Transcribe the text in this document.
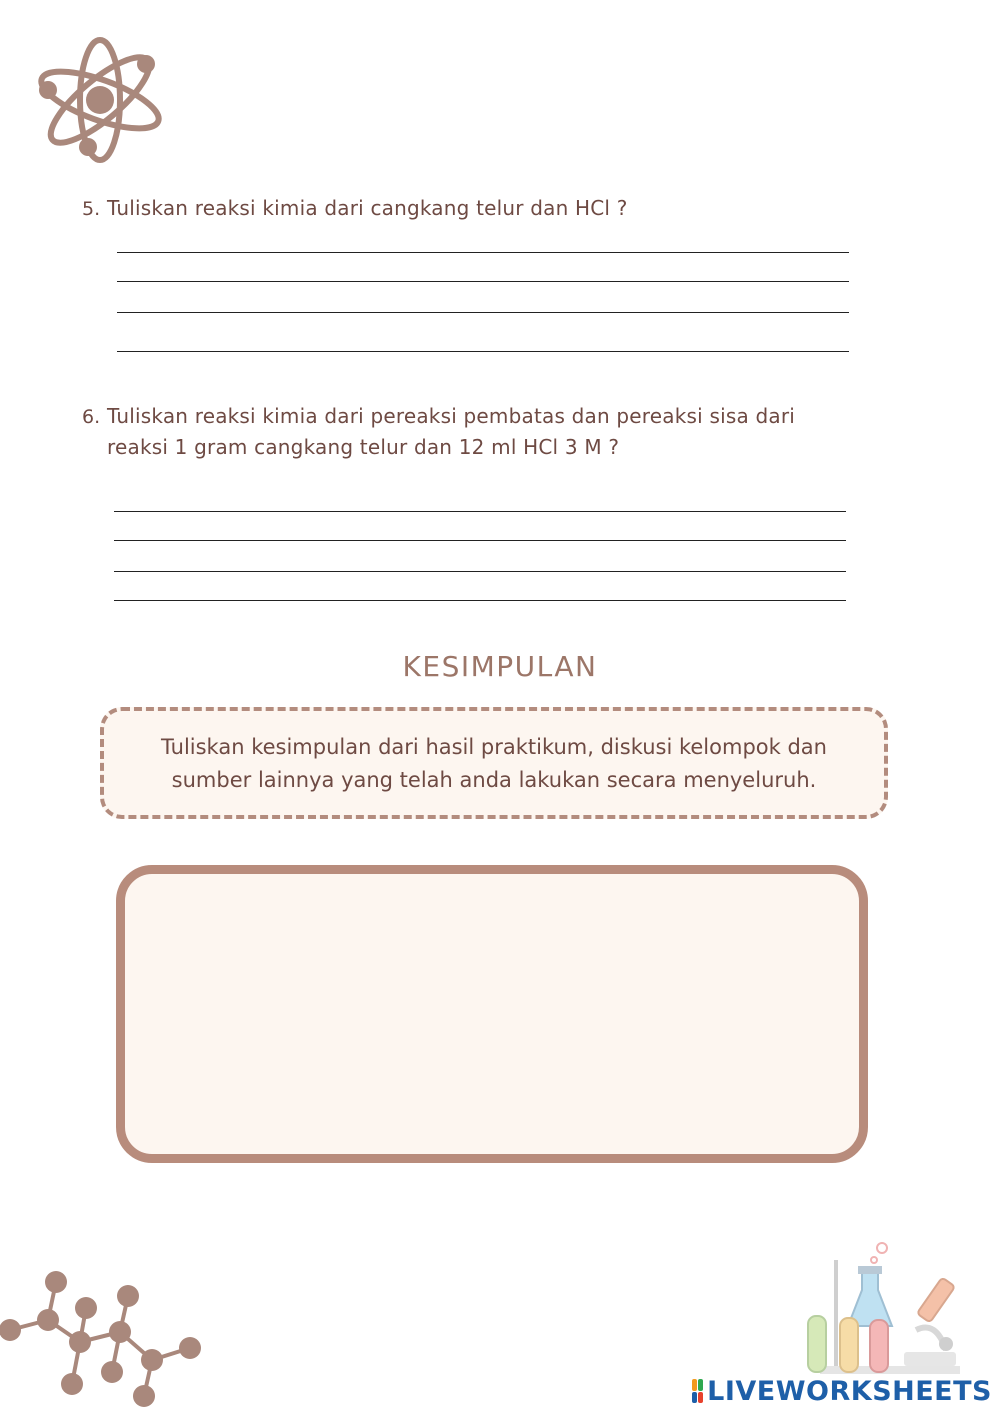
5. Tuliskan reaksi kimia dari cangkang telur dan HCl ?
6. Tuliskan reaksi kimia dari pereaksi pembatas dan pereaksi sisa dari
reaksi 1 gram cangkang telur dan 12 ml HCl 3 M ?
KESIMPULAN
Tuliskan kesimpulan dari hasil praktikum, diskusi kelompok dan
sumber lainnya yang telah anda lakukan secara menyeluruh.
LIVEWORKSHEETS
